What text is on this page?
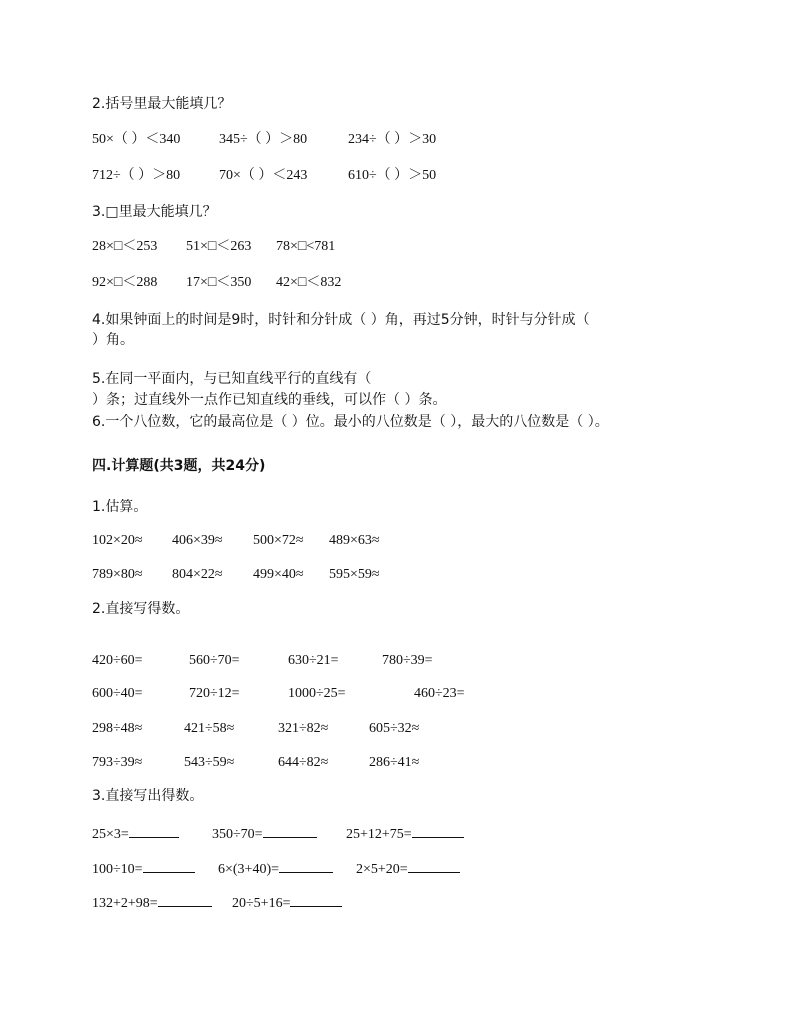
2.括号里最大能填几？
50×（ ）＜340	345÷（ ）＞80	234÷（ ）＞30
712÷（ ）＞80	70×（ ）＜243	610÷（ ）＞50
3.□里最大能填几？
28×□＜253 51×□＜263 78×□<781
92×□＜288 17×□＜350 42×□＜832
4.如果钟面上的时间是9时，时针和分针成（ ）角，再过5分钟，时针与分针成（
）角。
5.在同一平面内，与已知直线平行的直线有（
）条；过直线外一点作已知直线的垂线，可以作（ ）条。
6.一个八位数，它的最高位是（ ）位。最小的八位数是（ ），最大的八位数是（ ）。
四.计算题(共3题，共24分)
1.估算。
102×20≈ 406×39≈ 500×72≈ 489×63≈
789×80≈ 804×22≈ 499×40≈ 595×59≈
2.直接写得数。
420÷60=	560÷70=	630÷21=	780÷39=
600÷40=	720÷12=	1000÷25=	460÷23=
298÷48≈	421÷58≈	321÷82≈	605÷32≈
793÷39≈	543÷59≈	644÷82≈	286÷41≈
3.直接写出得数。
25×3=	350÷70=	25+12+75=
100÷10=	6×(3+40)=	2×5+20=
132+2+98=	20÷5+16=
